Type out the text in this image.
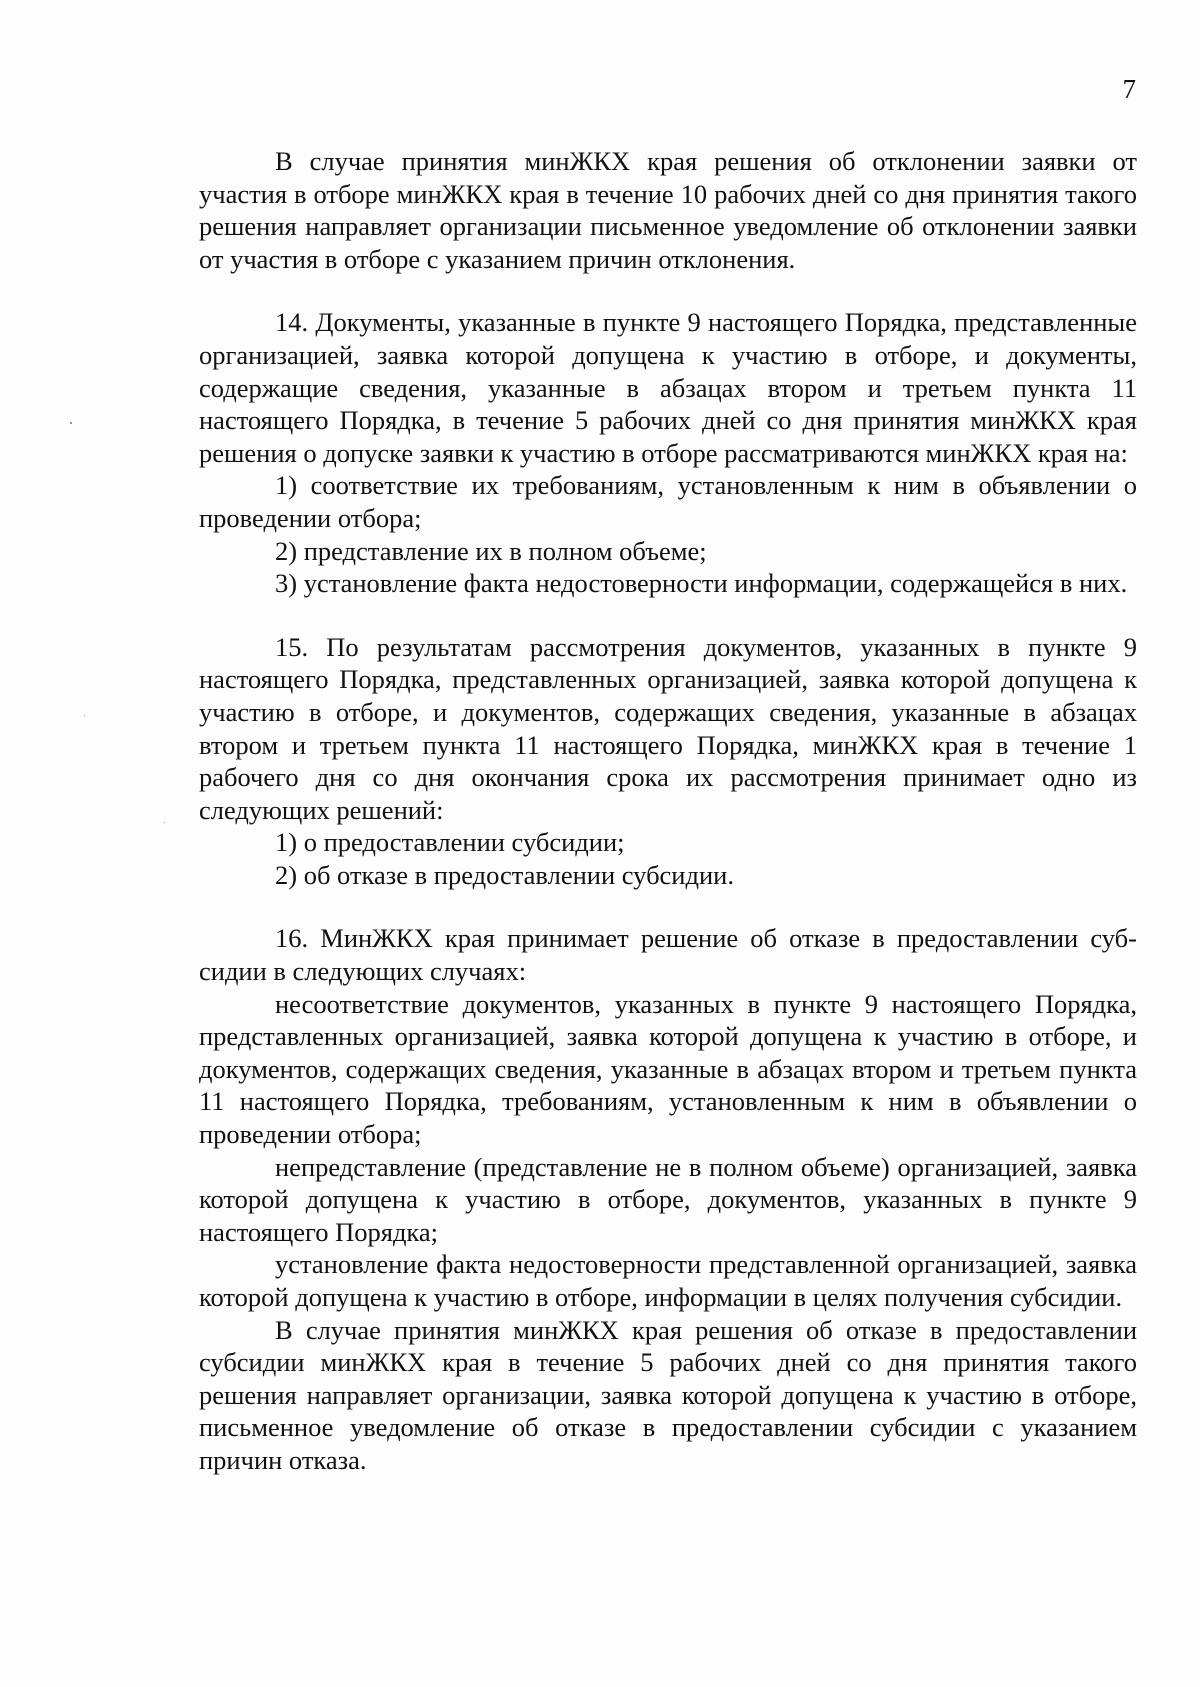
7

В случае принятия минЖКХ края решения об отклонении заявки от участия в отборе минЖКХ края в течение 10 рабочих дней со дня принятия такого решения направляет организации письменное уведомление об отклонении заявки от участия в отборе с указанием причин отклонения.

14. Документы, указанные в пункте 9 настоящего Порядка, представленные организацией, заявка которой допущена к участию в отборе, и документы, содержащие сведения, указанные в абзацах втором и третьем пункта 11 настоящего Порядка, в течение 5 рабочих дней со дня принятия минЖКХ края решения о допуске заявки к участию в отборе рассматриваются минЖКХ края на:

1) соответствие их требованиям, установленным к ним в объявлении о проведении отбора;

2) представление их в полном объеме;

3) установление факта недостоверности информации, содержащейся в них.

15. По результатам рассмотрения документов, указанных в пункте 9 настоящего Порядка, представленных организацией, заявка которой допущена к участию в отборе, и документов, содержащих сведения, указанные в абзацах втором и третьем пункта 11 настоящего Порядка, минЖКХ края в течение 1 рабочего дня со дня окончания срока их рассмотрения принимает одно из следующих решений:

1) о предоставлении субсидии;

2) об отказе в предоставлении субсидии.

16. МинЖКХ края принимает решение об отказе в предоставлении субсидии в следующих случаях:

несоответствие документов, указанных в пункте 9 настоящего Порядка, представленных организацией, заявка которой допущена к участию в отборе, и документов, содержащих сведения, указанные в абзацах втором и третьем пункта 11 настоящего Порядка, требованиям, установленным к ним в объявлении о проведении отбора;

непредставление (представление не в полном объеме) организацией, заявка которой допущена к участию в отборе, документов, указанных в пункте 9 настоящего Порядка;

установление факта недостоверности представленной организацией, заявка которой допущена к участию в отборе, информации в целях получения субсидии.

В случае принятия минЖКХ края решения об отказе в предоставлении субсидии минЖКХ края в течение 5 рабочих дней со дня принятия такого решения направляет организации, заявка которой допущена к участию в отборе, письменное уведомление об отказе в предоставлении субсидии с указанием причин отказа.
